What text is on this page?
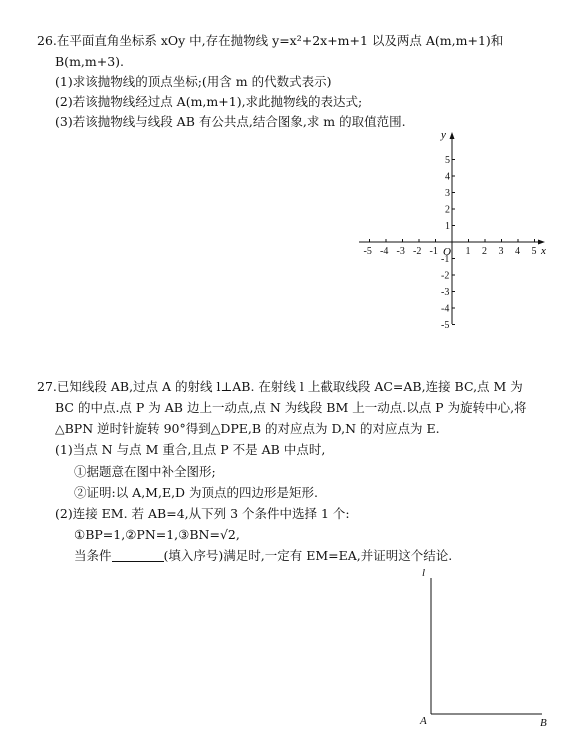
26.在平面直角坐标系 xOy 中,存在抛物线 y=x²+2x+m+1 以及两点 A(m,m+1)和
B(m,m+3).
(1)求该抛物线的顶点坐标;(用含 m 的代数式表示)
(2)若该抛物线经过点 A(m,m+1),求此抛物线的表达式;
(3)若该抛物线与线段 AB 有公共点,结合图象,求 m 的取值范围.
-5 -4 -3 -2 -1	1 2 3 4 5
5
4
3
2
1
-1
-2
-3
-4
-5
x
y
O
27.已知线段 AB,过点 A 的射线 l⊥AB. 在射线 l 上截取线段 AC=AB,连接 BC,点 M 为
BC 的中点.点 P 为 AB 边上一动点,点 N 为线段 BM 上一动点.以点 P 为旋转中心,将
△BPN 逆时针旋转 90°得到△DPE,B 的对应点为 D,N 的对应点为 E.
(1)当点 N 与点 M 重合,且点 P 不是 AB 中点时,
①据题意在图中补全图形;
②证明:以 A,M,E,D 为顶点的四边形是矩形.
(2)连接 EM. 若 AB=4,从下列 3 个条件中选择 1 个:
①BP=1,②PN=1,③BN=√2,
当条件	(填入序号)满足时,一定有 EM=EA,并证明这个结论.
l
A	B
